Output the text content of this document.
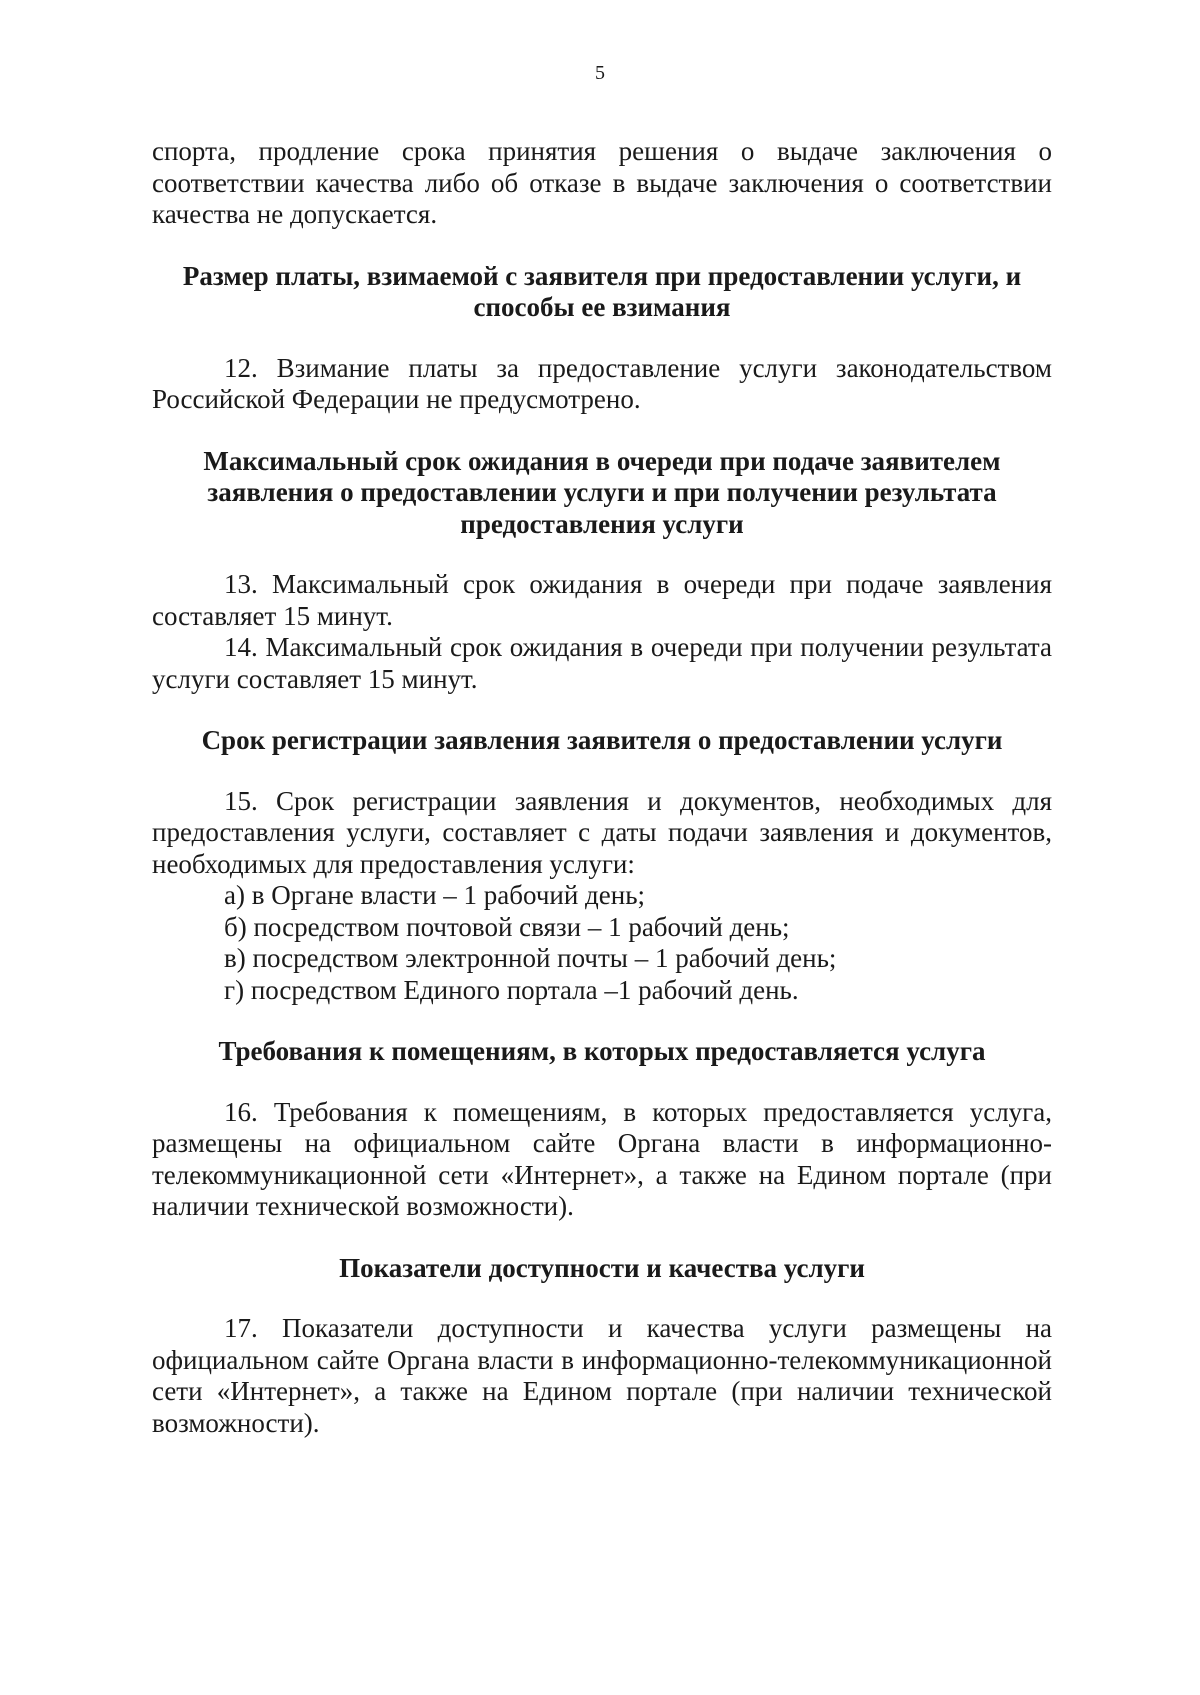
5

спорта, продление срока принятия решения о выдаче заключения о соответствии качества либо об отказе в выдаче заключения о соответствии качества не допускается.

Размер платы, взимаемой с заявителя при предоставлении услуги, и способы ее взимания

12. Взимание платы за предоставление услуги законодательством Российской Федерации не предусмотрено.

Максимальный срок ожидания в очереди при подаче заявителем заявления о предоставлении услуги и при получении результата предоставления услуги

13. Максимальный срок ожидания в очереди при подаче заявления составляет 15 минут.

14. Максимальный срок ожидания в очереди при получении результата услуги составляет 15 минут.

Срок регистрации заявления заявителя о предоставлении услуги

15. Срок регистрации заявления и документов, необходимых для предоставления услуги, составляет с даты подачи заявления и документов, необходимых для предоставления услуги:

а) в Органе власти – 1 рабочий день;

б) посредством почтовой связи – 1 рабочий день;

в) посредством электронной почты – 1 рабочий день;

г) посредством Единого портала –1 рабочий день.

Требования к помещениям, в которых предоставляется услуга

16. Требования к помещениям, в которых предоставляется услуга, размещены на официальном сайте Органа власти в информационно-телекоммуникационной сети «Интернет», а также на Едином портале (при наличии технической возможности).

Показатели доступности и качества услуги

17. Показатели доступности и качества услуги размещены на официальном сайте Органа власти в информационно-телекоммуникационной сети «Интернет», а также на Едином портале (при наличии технической возможности).
